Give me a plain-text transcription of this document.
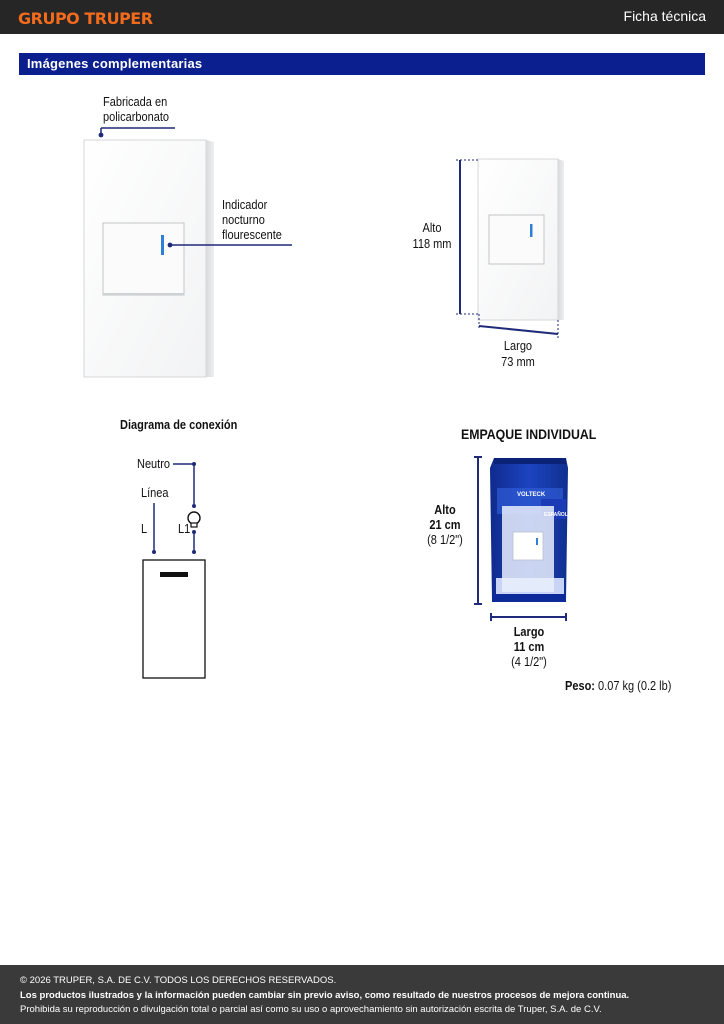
GRUPO TRUPER	Ficha técnica
Imágenes complementarias
Fabricada en
policarbonato
Indicador
nocturno
flourescente	Alto
118 mm
Largo
73 mm
Diagrama de conexión
Neutro
Línea
L L1
EMPAQUE INDIVIDUAL
VOLTECK
ESPAÑOL
Alto
21 cm
(8 1/2")
Largo
11 cm
(4 1/2")
Peso: 0.07 kg (0.2 lb)
© 2026 TRUPER, S.A. DE C.V. TODOS LOS DERECHOS RESERVADOS.
Los productos ilustrados y la información pueden cambiar sin previo aviso, como resultado de nuestros procesos de mejora continua.
Prohibida su reproducción o divulgación total o parcial así como su uso o aprovechamiento sin autorización escrita de Truper, S.A. de C.V.
